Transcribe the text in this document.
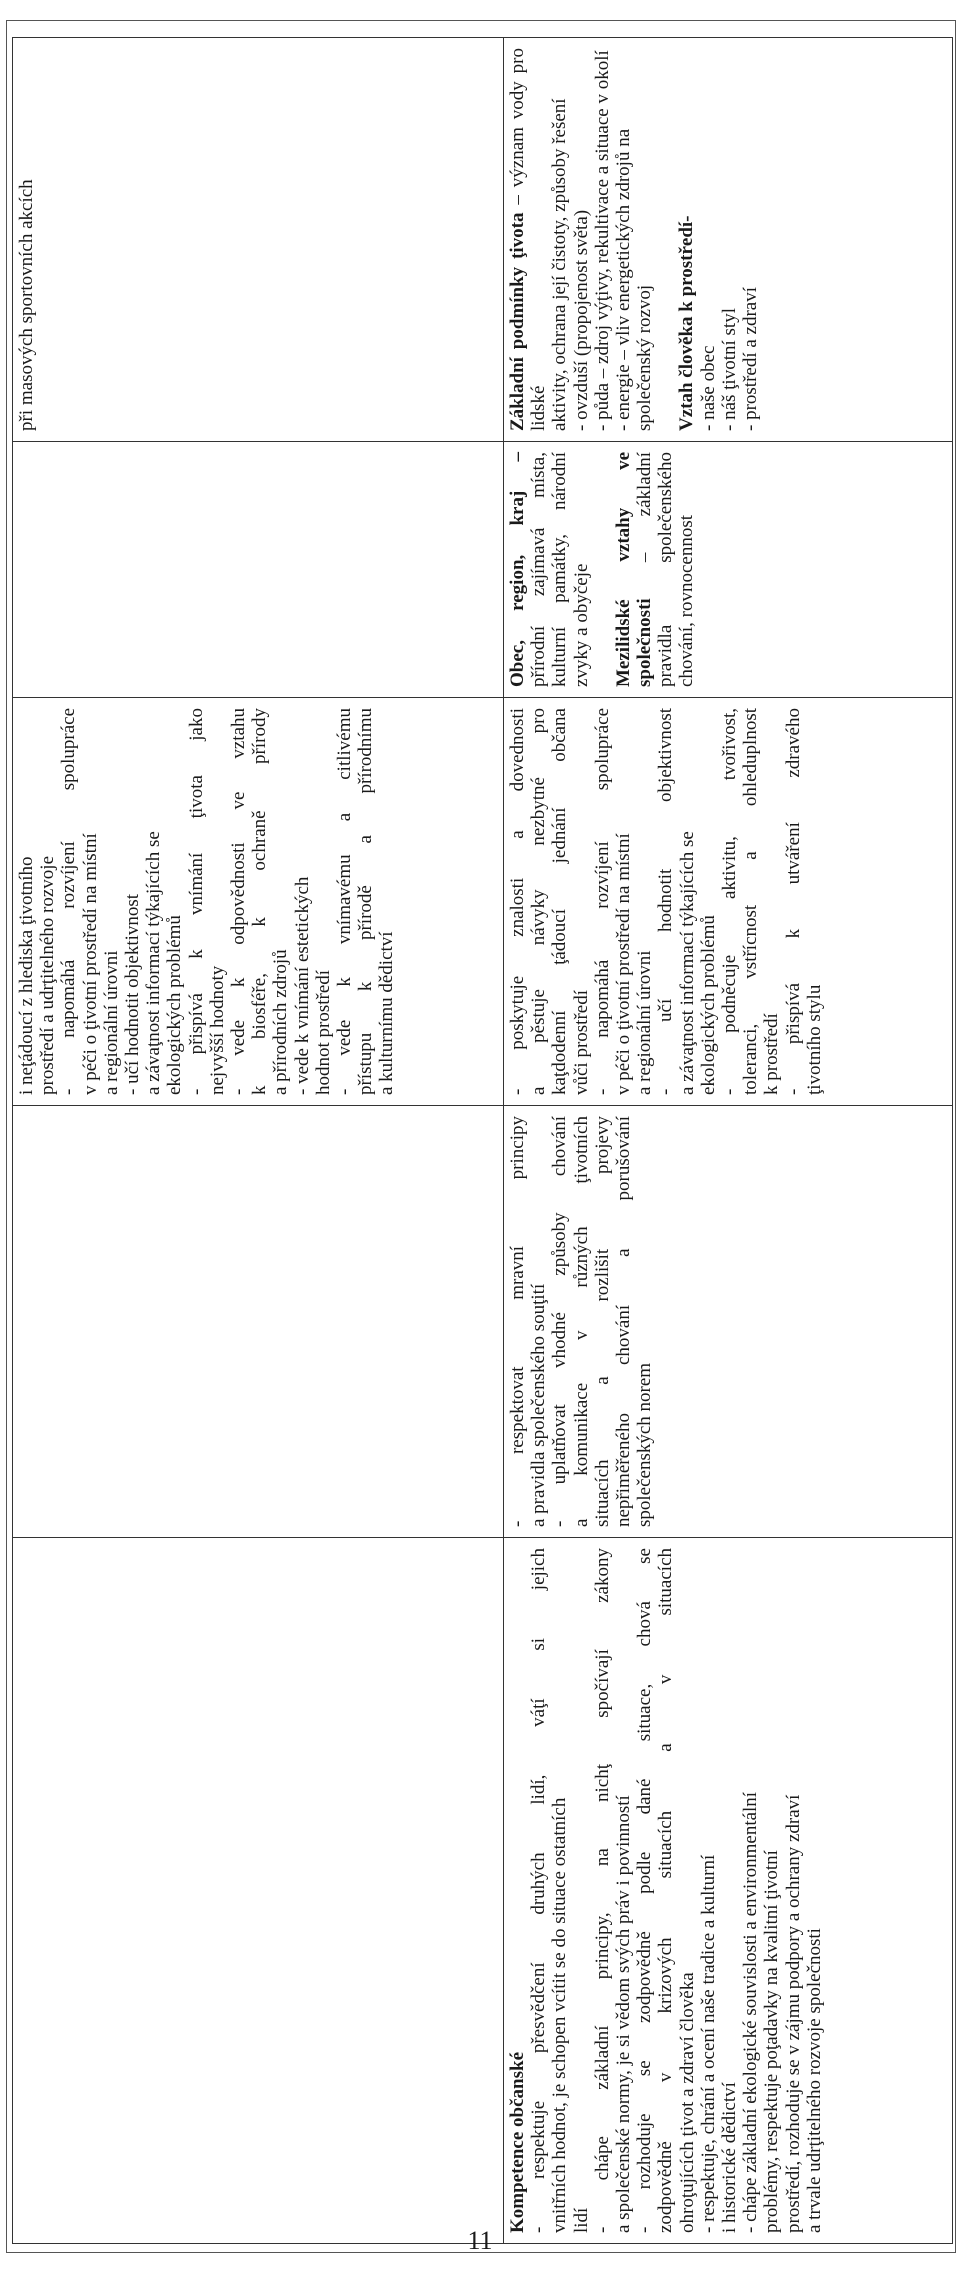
i neţádoucí z hlediska ţivotního prostředí a udrţitelného rozvoje - napomáhá rozvíjení spolupráce v péči o ţivotní prostředí na místní a regionální úrovni - učí hodnotit objektivnost a závaţnost informací týkajících se ekologických problémů - přispívá k vnímání ţivota jako nejvyšší hodnoty - vede k odpovědnosti ve vztahu k biosféře, k ochraně přírody a přírodních zdrojů - vede k vnímání estetických hodnot prostředí - vede k vnímavému a citlivému přístupu k přírodě a přírodnímu a kulturnímu dědictví
při masových sportovních akcích
Kompetence občanské - respektuje přesvědčení druhých lidí, váţí si jejich vnitřních hodnot, je schopen vcítit se do situace ostatních lidí - chápe základní principy, na nichţ spočívají zákony a společenské normy, je si vědom svých práv i povinností - rozhoduje se zodpovědně podle dané situace, chová se zodpovědně v krizových situacích a v situacích ohroţujících ţivot a zdraví člověka - respektuje, chrání a ocení naše tradice a kulturní i historické dědictví - chápe základní ekologické souvislosti a environmentální problémy, respektuje poţadavky na kvalitní ţivotní prostředí, rozhoduje se v zájmu podpory a ochrany zdraví a trvale udrţitelného rozvoje společnosti
- respektovat mravní principy a pravidla společenského souţití - uplatňovat vhodné způsoby chování a komunikace v různých ţivotních situacích a rozlišit projevy nepřiměřeného chování a porušování společenských norem
- poskytuje znalosti a dovednosti a pěstuje návyky nezbytné pro kaţdodenní ţádoucí jednání občana vůči prostředí - napomáhá rozvíjení spolupráce v péči o ţivotní prostředí na místní a regionální úrovni - učí hodnotit objektivnost a závaţnost informací týkajících se ekologických problémů - podněcuje aktivitu, tvořivost, toleranci, vstřícnost a ohleduplnost k prostředí - přispívá k utváření zdravého ţivotního stylu
Obec, region, kraj – přírodní zajímavá místa, kulturní památky, národní zvyky a obyčeje Mezilidské vztahy ve společnosti – základní pravidla společenského chování, rovnocennost
Základní podmínky ţivota – význam vody pro lidské aktivity, ochrana její čistoty, způsoby řešení - ovzduší (propojenost světa) - půda – zdroj výţivy, rekultivace a situace v okolí - energie – vliv energetických zdrojů na společenský rozvoj Vztah člověka k prostředí- - naše obec - náš ţivotní styl - prostředí a zdraví
11
